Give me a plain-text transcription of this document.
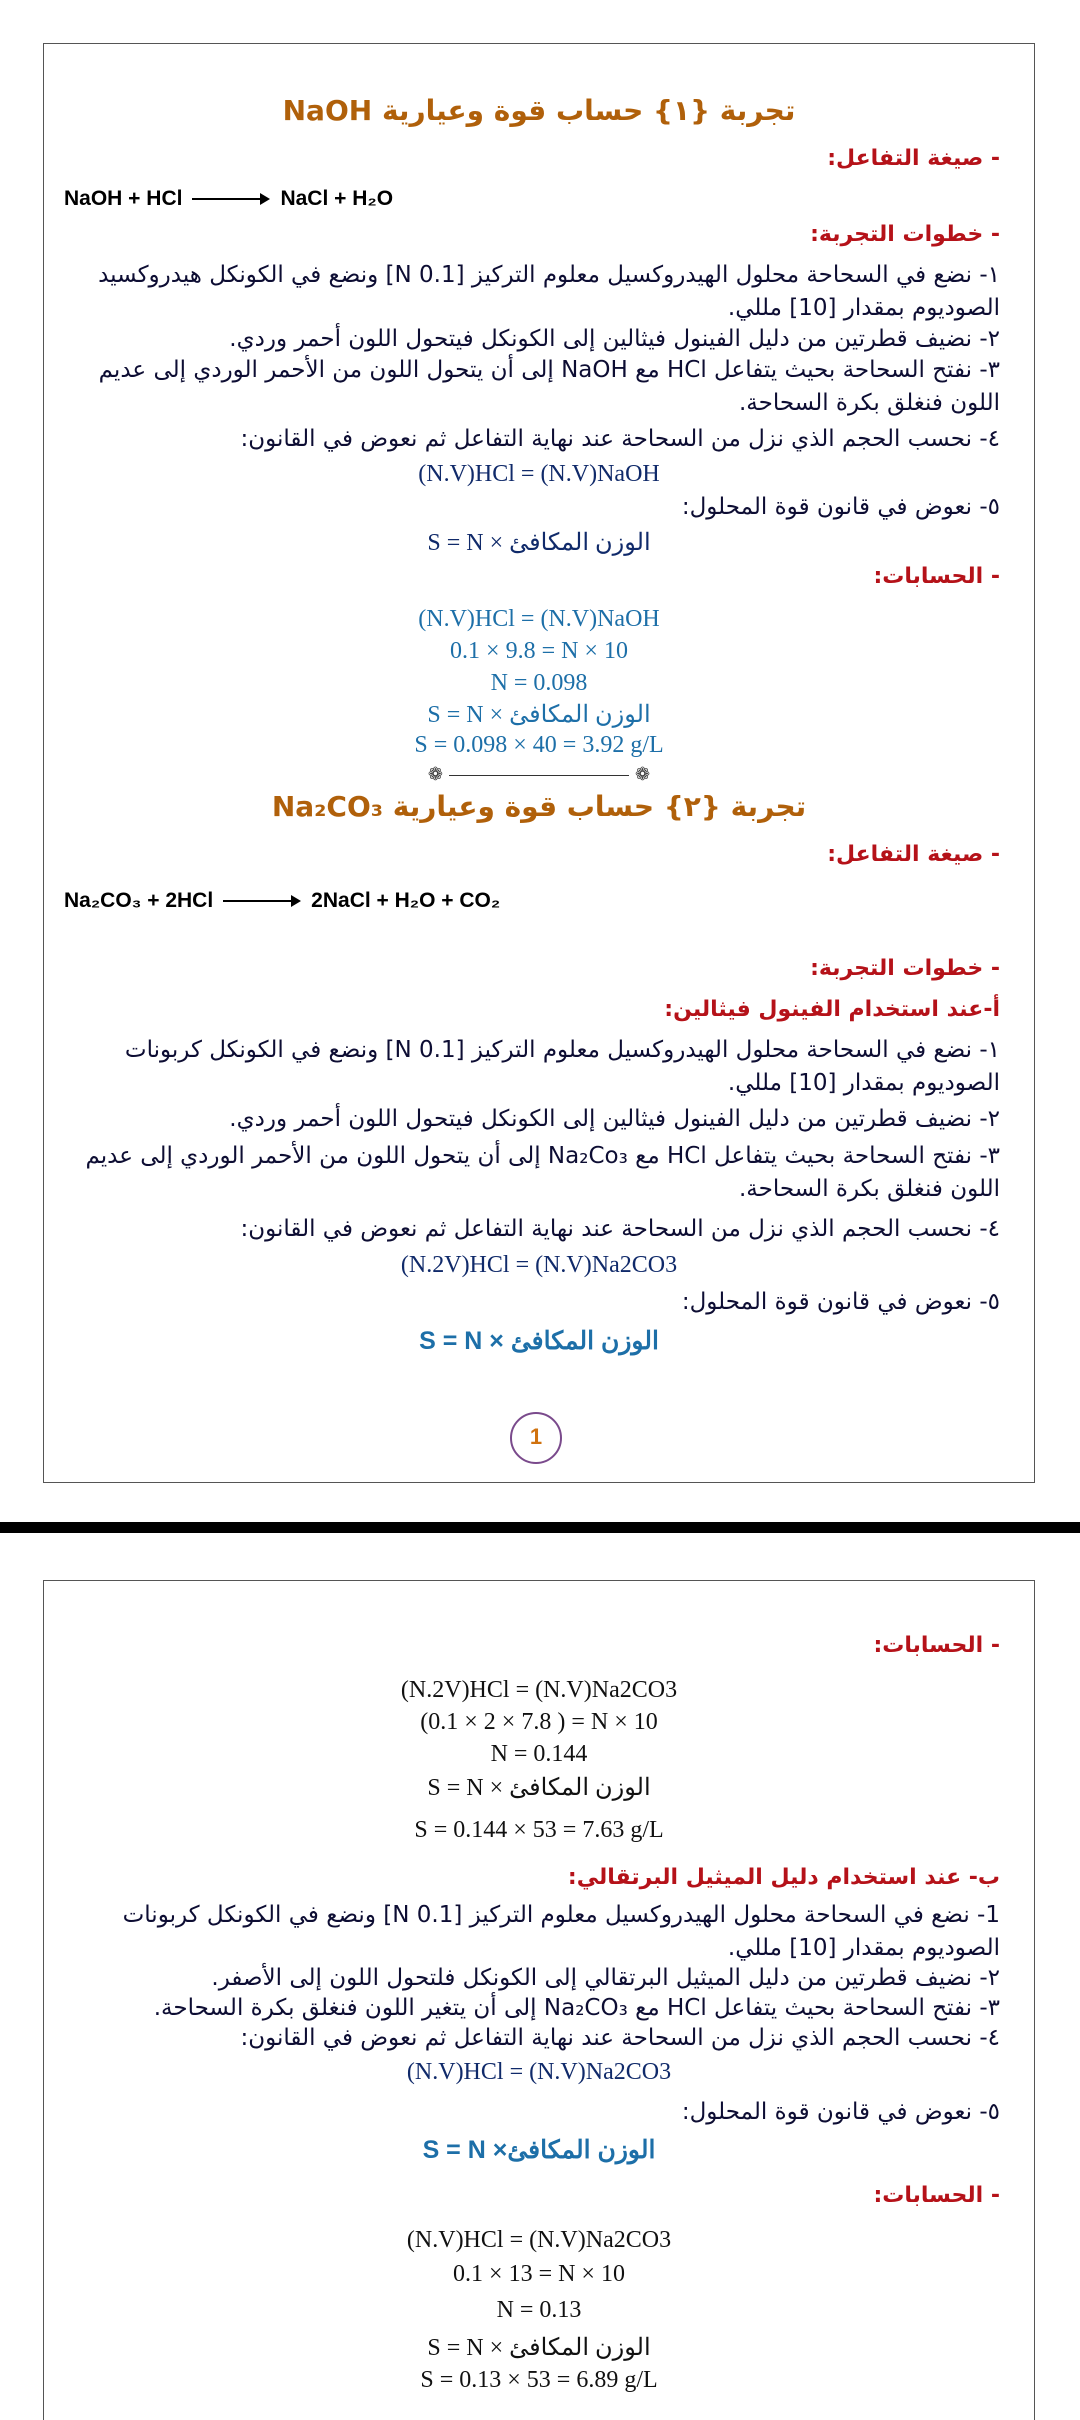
تجربة {١} حساب قوة وعيارية NaOH
- صيغة التفاعل:
NaOH + HCl	NaCl + H₂O
- خطوات التجربة:
١- نضع في السحاحة محلول الهيدروكسيل معلوم التركيز [0.1 N] ونضع في الكونكل هيدروكسيد الصوديوم بمقدار [10] مللي.
٢- نضيف قطرتين من دليل الفينول فيثالين إلى الكونكل فيتحول اللون أحمر وردي.
٣- نفتح السحاحة بحيث يتفاعل HCl مع NaOH إلى أن يتحول اللون من الأحمر الوردي إلى عديم اللون فنغلق بكرة السحاحة.
٤- نحسب الحجم الذي نزل من السحاحة عند نهاية التفاعل ثم نعوض في القانون:
(N.V)HCl = (N.V)NaOH
٥- نعوض في قانون قوة المحلول:
S = N × الوزن المكافئ
- الحسابات:
(N.V)HCl = (N.V)NaOH
0.1 × 9.8 = N × 10
N = 0.098
S = N × الوزن المكافئ
S = 0.098 × 40 = 3.92 g/L
❁	❁
تجربة {٢} حساب قوة وعيارية Na₂CO₃
- صيغة التفاعل:
Na₂CO₃ + 2HCl	2NaCl + H₂O + CO₂
- خطوات التجربة:
أ-عند استخدام الفينول فيثالين:
١- نضع في السحاحة محلول الهيدروكسيل معلوم التركيز [0.1 N] ونضع في الكونكل كربونات الصوديوم بمقدار [10] مللي.
٢- نضيف قطرتين من دليل الفينول فيثالين إلى الكونكل فيتحول اللون أحمر وردي.
٣- نفتح السحاحة بحيث يتفاعل HCl مع Na₂Co₃ إلى أن يتحول اللون من الأحمر الوردي إلى عديم اللون فنغلق بكرة السحاحة.
٤- نحسب الحجم الذي نزل من السحاحة عند نهاية التفاعل ثم نعوض في القانون:
(N.2V)HCl = (N.V)Na2CO3
٥- نعوض في قانون قوة المحلول:
S = N × الوزن المكافئ
1
- الحسابات:
(N.2V)HCl = (N.V)Na2CO3
(0.1 × 2 × 7.8 ) = N × 10
N = 0.144
S = N × الوزن المكافئ
S = 0.144 × 53 = 7.63 g/L
ب- عند استخدام دليل الميثيل البرتقالي:
1- نضع في السحاحة محلول الهيدروكسيل معلوم التركيز [0.1 N] ونضع في الكونكل كربونات الصوديوم بمقدار [10] مللي.
٢- نضيف قطرتين من دليل الميثيل البرتقالي إلى الكونكل فلتحول اللون إلى الأصفر.
٣- نفتح السحاحة بحيث يتفاعل HCl مع Na₂CO₃ إلى أن يتغير اللون فنغلق بكرة السحاحة.
٤- نحسب الحجم الذي نزل من السحاحة عند نهاية التفاعل ثم نعوض في القانون:
(N.V)HCl = (N.V)Na2CO3
٥- نعوض في قانون قوة المحلول:
S = N ×الوزن المكافئ
- الحسابات:
(N.V)HCl = (N.V)Na2CO3
0.1 × 13 = N × 10
N = 0.13
S = N × الوزن المكافئ
S = 0.13 × 53 = 6.89 g/L
